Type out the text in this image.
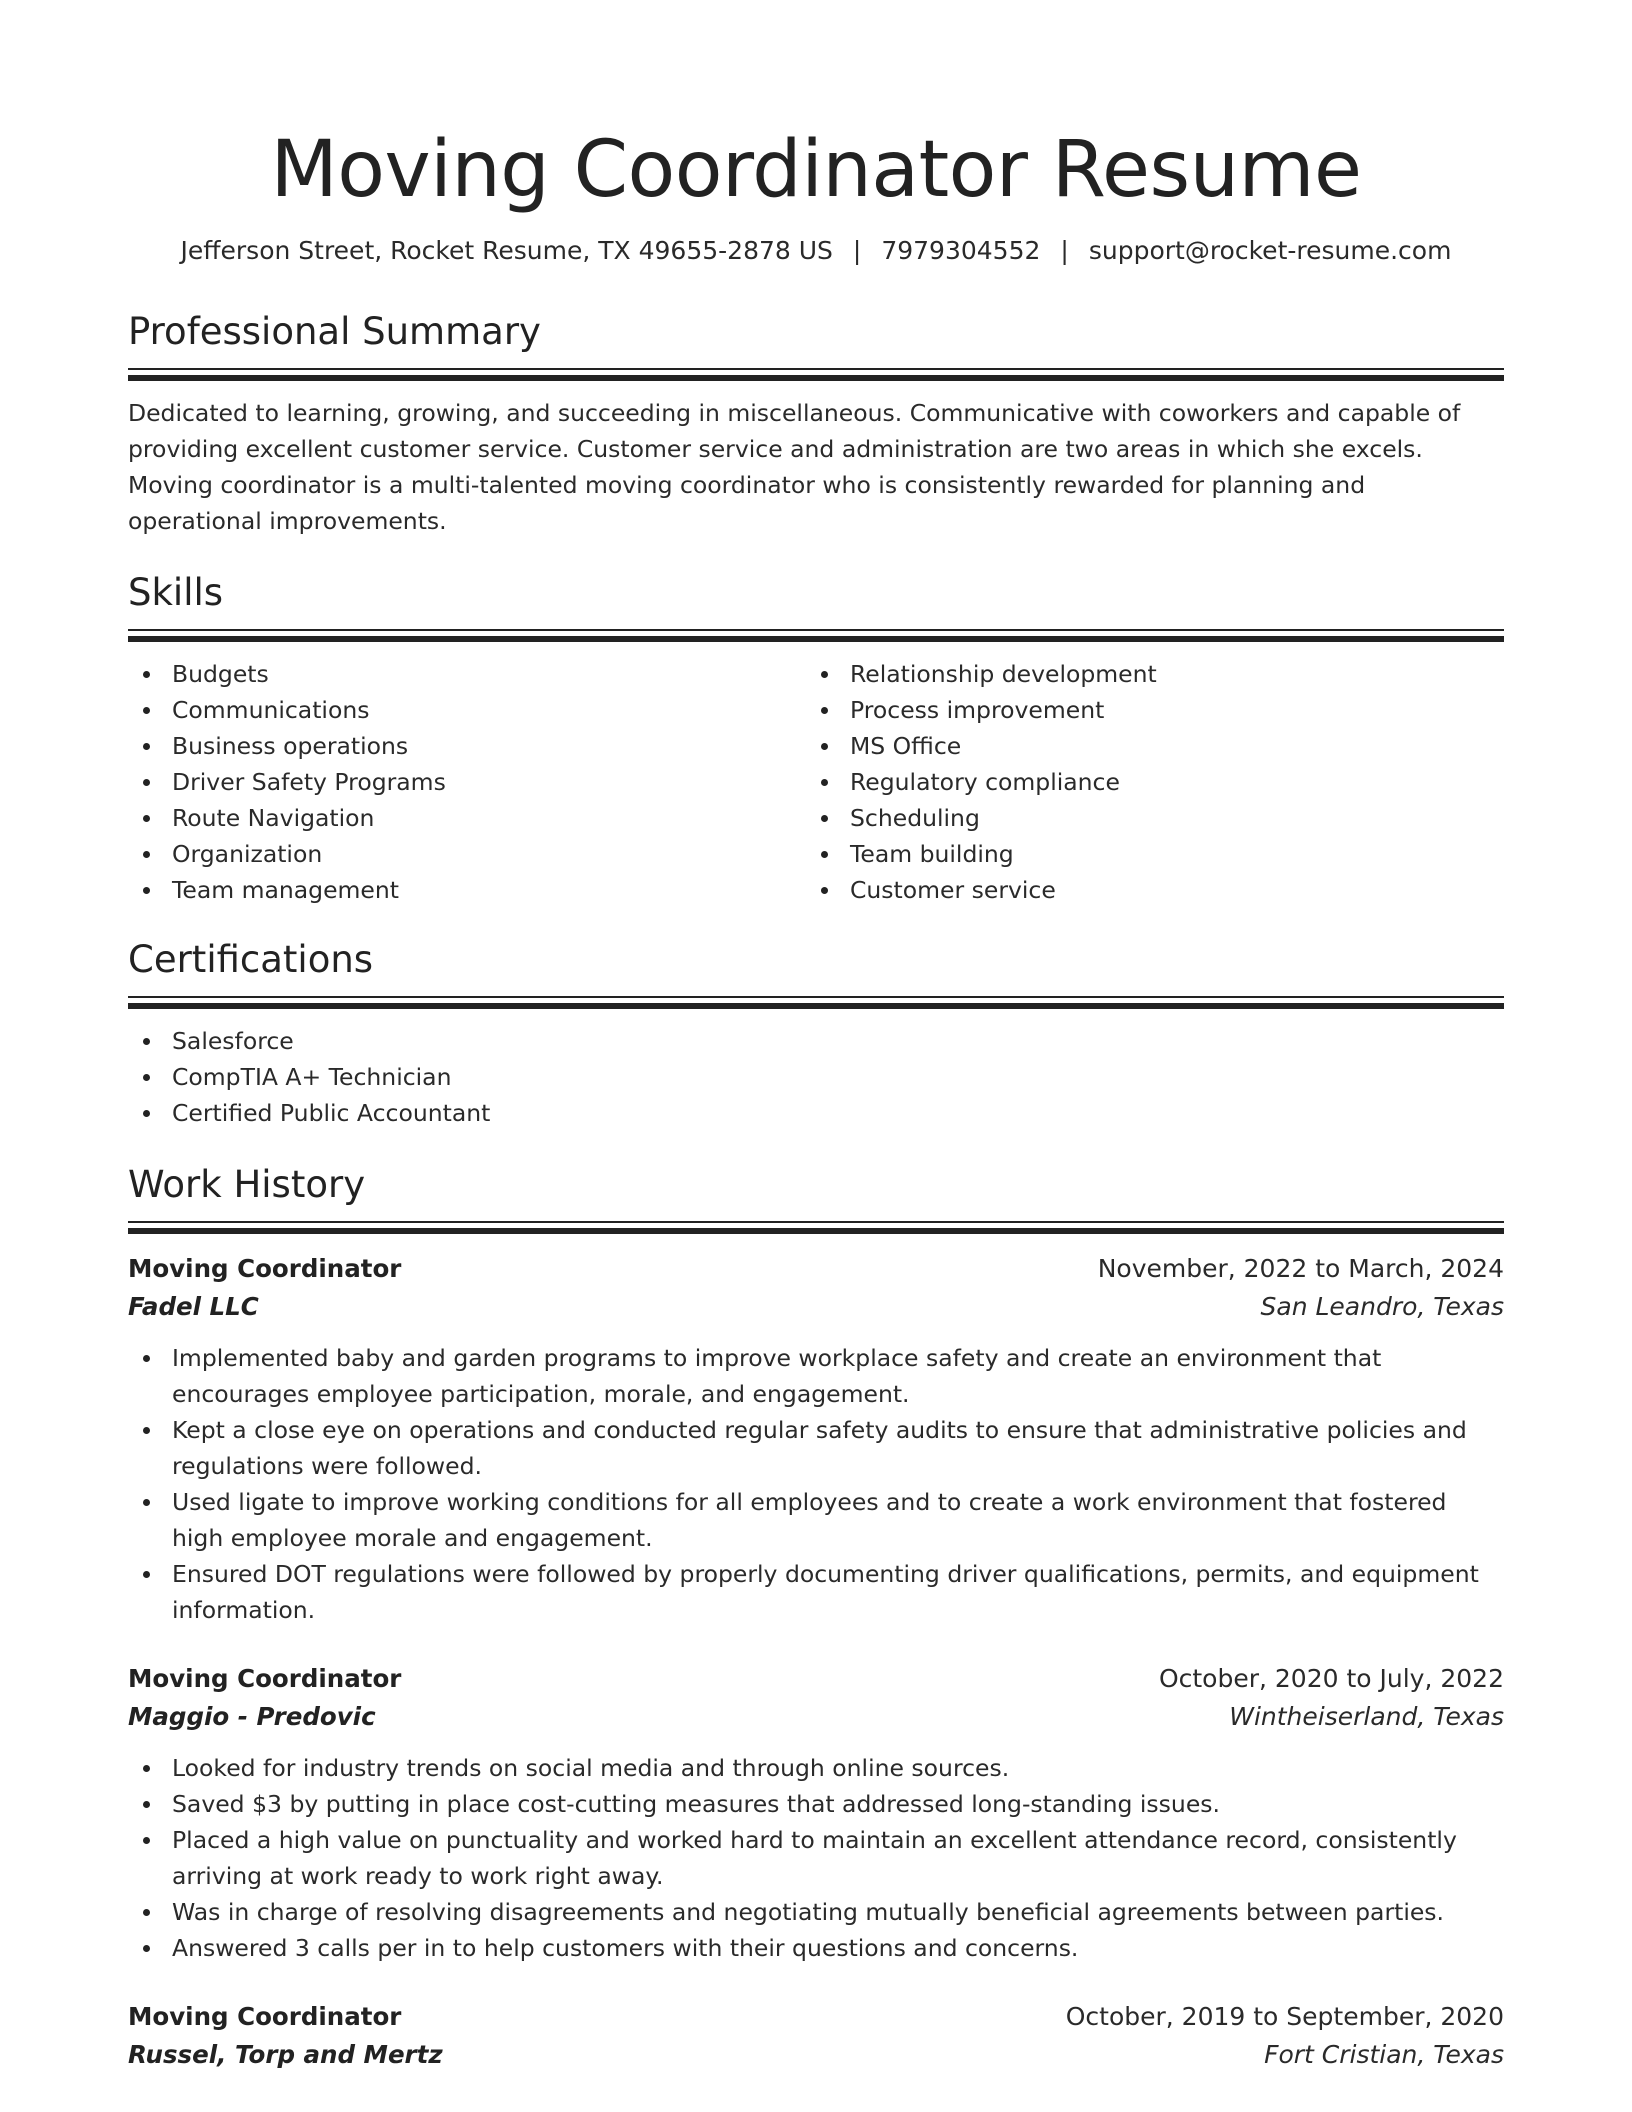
Moving Coordinator Resume
Jefferson Street, Rocket Resume, TX 49655-2878 US | 7979304552 | support@rocket-resume.com
Professional Summary

Dedicated to learning, growing, and succeeding in miscellaneous. Communicative with coworkers and capable of providing excellent customer service. Customer service and administration are two areas in which she excels. Moving coordinator is a multi-talented moving coordinator who is consistently rewarded for planning and operational improvements.

Skills
Budgets
Communications
Business operations
Driver Safety Programs
Route Navigation
Organization
Team management
Relationship development
Process improvement
MS Office
Regulatory compliance
Scheduling
Team building
Customer service
Certifications
Salesforce
CompTIA A+ Technician
Certified Public Accountant
Work History
Moving Coordinator	November, 2022 to March, 2024
Fadel LLC	San Leandro, Texas
Implemented baby and garden programs to improve workplace safety and create an environment that encourages employee participation, morale, and engagement.
Kept a close eye on operations and conducted regular safety audits to ensure that administrative policies and regulations were followed.
Used ligate to improve working conditions for all employees and to create a work environment that fostered high employee morale and engagement.
Ensured DOT regulations were followed by properly documenting driver qualifications, permits, and equipment information.
Moving Coordinator	October, 2020 to July, 2022
Maggio - Predovic	Wintheiserland, Texas
Looked for industry trends on social media and through online sources.
Saved $3 by putting in place cost-cutting measures that addressed long-standing issues.
Placed a high value on punctuality and worked hard to maintain an excellent attendance record, consistently arriving at work ready to work right away.
Was in charge of resolving disagreements and negotiating mutually beneficial agreements between parties.
Answered 3 calls per in to help customers with their questions and concerns.
Moving Coordinator	October, 2019 to September, 2020
Russel, Torp and Mertz	Fort Cristian, Texas
